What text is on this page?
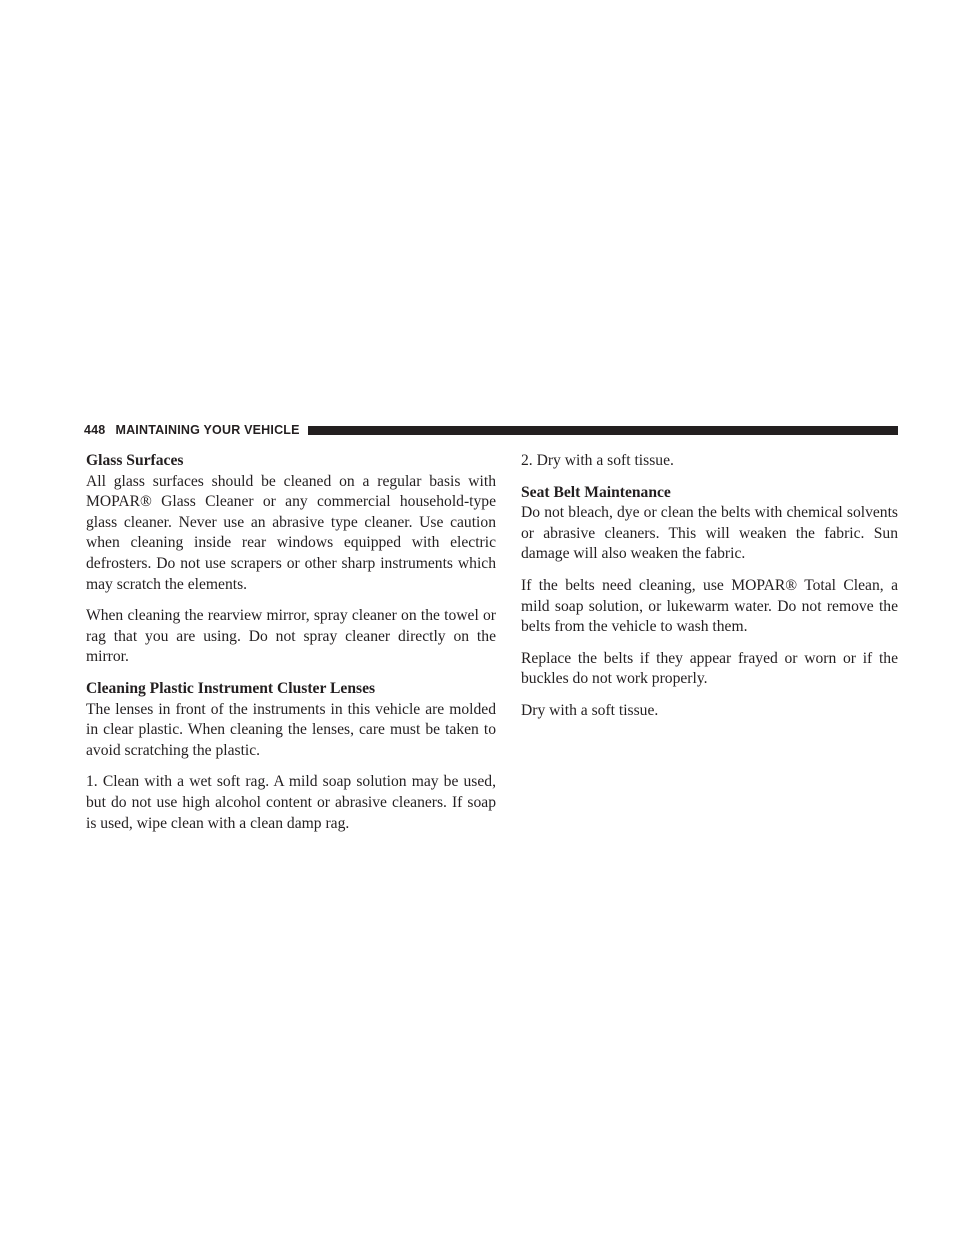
448 MAINTAINING YOUR VEHICLE
Glass Surfaces

All glass surfaces should be cleaned on a regular basis with MOPAR® Glass Cleaner or any commercial household-type glass cleaner. Never use an abrasive type cleaner. Use caution when cleaning inside rear windows equipped with electric defrosters. Do not use scrapers or other sharp instruments which may scratch the elements.

When cleaning the rearview mirror, spray cleaner on the towel or rag that you are using. Do not spray cleaner directly on the mirror.

Cleaning Plastic Instrument Cluster Lenses

The lenses in front of the instruments in this vehicle are molded in clear plastic. When cleaning the lenses, care must be taken to avoid scratching the plastic.

1. Clean with a wet soft rag. A mild soap solution may be used, but do not use high alcohol content or abrasive cleaners. If soap is used, wipe clean with a clean damp rag.

2. Dry with a soft tissue.

Seat Belt Maintenance

Do not bleach, dye or clean the belts with chemical solvents or abrasive cleaners. This will weaken the fabric. Sun damage will also weaken the fabric.

If the belts need cleaning, use MOPAR® Total Clean, a mild soap solution, or lukewarm water. Do not remove the belts from the vehicle to wash them.

Replace the belts if they appear frayed or worn or if the buckles do not work properly.

Dry with a soft tissue.
